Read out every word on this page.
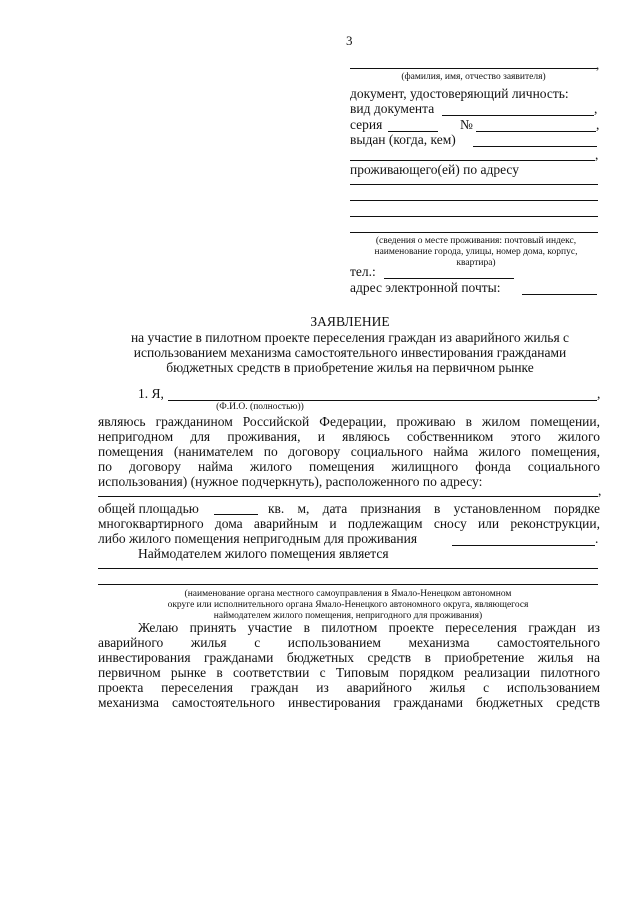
3
,
(фамилия, имя, отчество заявителя)
документ, удостоверяющий личность:
вид документа	,
серия	№	,
выдан (когда, кем)
,
проживающего(ей) по адресу
(сведения о месте проживания: почтовый индекс,
наименование города, улицы, номер дома, корпус,
квартира)
тел.:
адрес электронной почты:
ЗАЯВЛЕНИЕ
на участие в пилотном проекте переселения граждан из аварийного жилья с
использованием механизма самостоятельного инвестирования гражданами
бюджетных средств в приобретение жилья на первичном рынке
1. Я,	,
(Ф.И.О. (полностью))
являюсь гражданином Российской Федерации, проживаю в жилом помещении,
непригодном для проживания, и являюсь собственником этого жилого
помещения (нанимателем по договору социального найма жилого помещения,
по договору найма жилого помещения жилищного фонда социального
использования) (нужное подчеркнуть), расположенного по адресу:
,
общей площадью	кв. м, дата признания в установленном порядке
многоквартирного дома аварийным и подлежащим сносу или реконструкции,
либо жилого помещения непригодным для проживания	.
Наймодателем жилого помещения является
(наименование органа местного самоуправления в Ямало-Ненецком автономном
округе или исполнительного органа Ямало-Ненецкого автономного округа, являющегося
наймодателем жилого помещения, непригодного для проживания)
Желаю принять участие в пилотном проекте переселения граждан из
аварийного жилья с использованием механизма самостоятельного
инвестирования гражданами бюджетных средств в приобретение жилья на
первичном рынке в соответствии с Типовым порядком реализации пилотного
проекта переселения граждан из аварийного жилья с использованием
механизма самостоятельного инвестирования гражданами бюджетных средств
